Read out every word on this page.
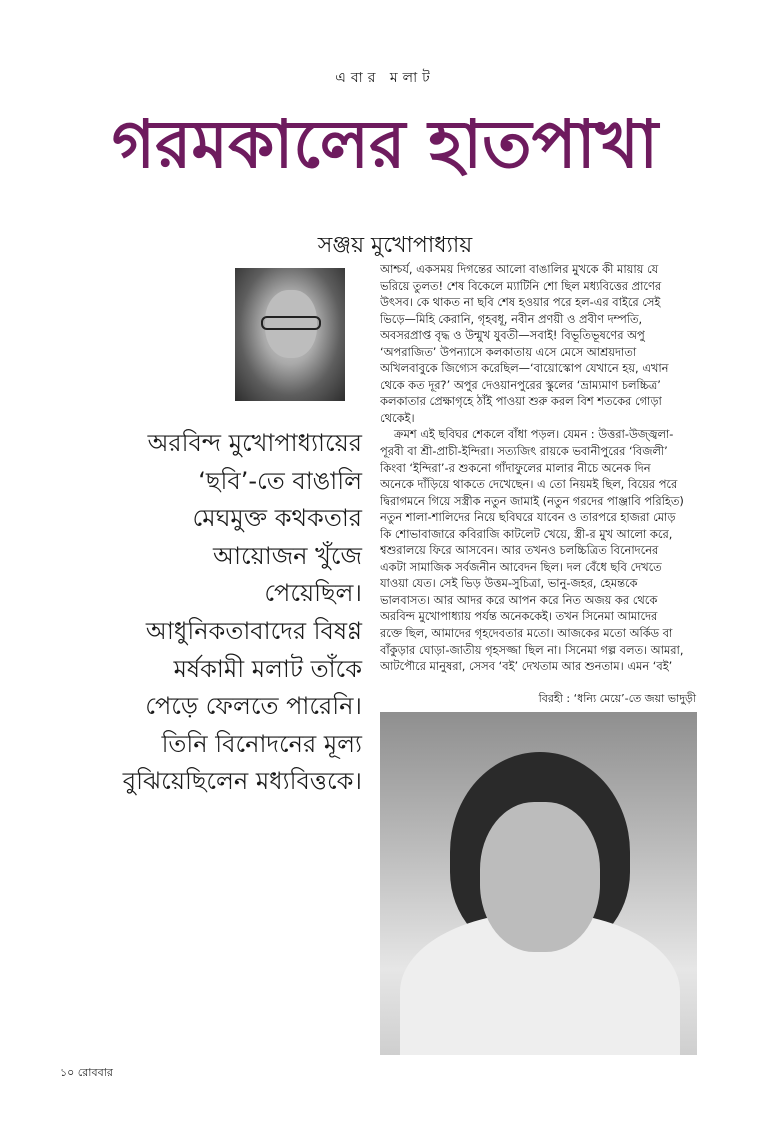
এবার মলাট
গরমকালের হাতপাখা
সঞ্জয় মুখোপাধ্যায়
অরবিন্দ মুখোপাধ্যায়ের
‘ছবি’-তে বাঙালি
মেঘমুক্ত কথকতার
আয়োজন খুঁজে
পেয়েছিল।
আধুনিকতাবাদের বিষণ্ণ
মর্ষকামী মলাট তাঁকে
পেড়ে ফেলতে পারেনি।
তিনি বিনোদনের মূল্য
বুঝিয়েছিলেন মধ্যবিত্তকে।
আশ্চর্য, একসময় দিগন্তের আলো বাঙালির মুখকে কী মায়ায় যে
ভরিয়ে তুলত! শেষ বিকেলে ম্যাটিনি শো ছিল মধ্যবিত্তের প্রাণের
উৎসব। কে থাকত না ছবি শেষ হওয়ার পরে হল-এর বাইরে সেই
ভিড়ে—মিহি কেরানি, গৃহবধূ, নবীন প্রণয়ী ও প্রবীণ দম্পতি,
অবসরপ্রাপ্ত বৃদ্ধ ও উন্মুখ যুবতী—সবাই! বিভূতিভূষণের অপু
‘অপরাজিত’ উপন্যাসে কলকাতায় এসে মেসে আশ্রয়দাতা
অখিলবাবুকে জিগ্যেস করেছিল—‘বায়োস্কোপ যেখানে হয়, এখান
থেকে কত দূর?’ অপুর দেওয়ানপুরের স্কুলের ‘ভ্রাম্যমাণ চলচ্চিত্র’
কলকাতার প্রেক্ষাগৃহে ঠাঁই পাওয়া শুরু করল বিশ শতকের গোড়া
থেকেই।
ক্রমশ এই ছবিঘর শেকলে বাঁধা পড়ল। যেমন : উত্তরা-উজ্জ্বলা-
পূরবী বা শ্রী-প্রাচী-ইন্দিরা। সত্যজিৎ রায়কে ভবানীপুরের ‘বিজলী’
কিংবা ‘ইন্দিরা’-র শুকনো গাঁদাফুলের মালার নীচে অনেক দিন
অনেকে দাঁড়িয়ে থাকতে দেখেছেন। এ তো নিয়মই ছিল, বিয়ের পরে
দ্বিরাগমনে গিয়ে সস্ত্রীক নতুন জামাই (নতুন গরদের পাঞ্জাবি পরিহিত)
নতুন শালা-শালিদের নিয়ে ছবিঘরে যাবেন ও তারপরে হাজরা মোড়
কি শোভাবাজারে কবিরাজি কাটলেট খেয়ে, স্ত্রী-র মুখ আলো করে,
শ্বশুরালয়ে ফিরে আসবেন। আর তখনও চলচ্চিত্রিত বিনোদনের
একটা সামাজিক সর্বজনীন আবেদন ছিল। দল বেঁধে ছবি দেখতে
যাওয়া যেত। সেই ভিড় উত্তম-সুচিত্রা, ভানু-জহর, হেমন্তকে
ভালবাসত। আর আদর করে আপন করে নিত অজয় কর থেকে
অরবিন্দ মুখোপাধ্যায় পর্যন্ত অনেককেই। তখন সিনেমা আমাদের
রক্তে ছিল, আমাদের গৃহদেবতার মতো। আজকের মতো অর্কিড বা
বাঁকুড়ার ঘোড়া-জাতীয় গৃহসজ্জা ছিল না। সিনেমা গল্প বলত। আমরা,
আটপৌরে মানুষরা, সেসব ‘বই’ দেখতাম আর শুনতাম। এমন ‘বই’
বিরহী : ‘ধন্যি মেয়ে’-তে জয়া ভাদুড়ী
১০ রোববার
